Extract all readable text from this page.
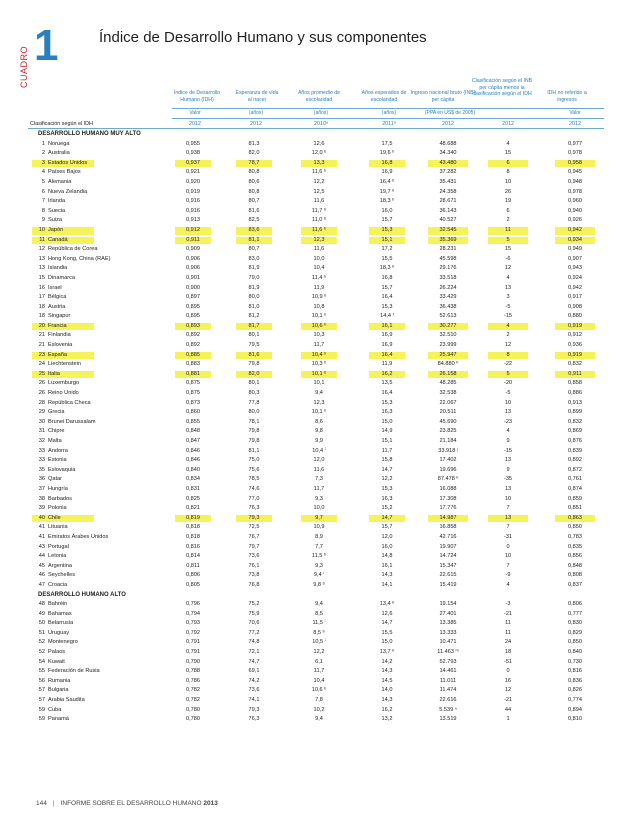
CUADRO 1	Índice de Desarrollo Humano y sus componentes
Índice de Desarrollo Humano (IDH)
Esperanza de vida al nacer
Años promedio de escolaridad
Años esperados de escolaridad
Ingreso nacional bruto (INB) per cápita
Clasificación según el INB per cápita menos la clasificación según el IDH	IDH no referido a ingresos
Valor	(años)	(años)	(años)	(PPA en US$ de 2005)	Valor
Clasificación según el IDH	2012	2012	2010ᵃ	2011ᵃ	2012	2012	2012
DESARROLLO HUMANO MUY ALTO
1 Noruega	0,955	81,3	12,6	17,5	48.688	4	0,977
2 Australia	0,938	82,0	12,0 ᵇ	19,6 ᵇ	34.340	15	0,978
3 Estados Unidos	0,937	78,7	13,3	16,8	43.480	6	0,958
4 Países Bajos	0,921	80,8	11,6 ᵇ	16,9	37.282	8	0,945
5 Alemania	0,920	80,6	12,2	16,4 ᵇ	35.431	10	0,948
6 Nueva Zelandia	0,919	80,8	12,5	19,7 ᵇ	24.358	26	0,978
7 Irlanda	0,916	80,7	11,6	18,3 ᵇ	28.671	19	0,960
8 Suecia	0,916	81,6	11,7 ᵇ	16,0	36.143	6	0,940
9 Suiza	0,913	82,5	11,0 ᵇ	15,7	40.527	2	0,926
10 Japón	0,912	83,6	11,6 ᵇ	15,3	32.545	11	0,942
11 Canadá	0,911	81,1	12,3	15,1	35.369	5	0,934
12 República de Corea	0,909	80,7	11,6	17,2	28.231	15	0,949
13 Hong Kong, China (RAE)	0,906	83,0	10,0	15,5	45.598	-6	0,907
13 Islandia	0,906	81,9	10,4	18,3 ᵇ	29.176	12	0,943
15 Dinamarca	0,901	79,0	11,4 ᵇ	16,8	33.518	4	0,924
16 Israel	0,900	81,9	11,9	15,7	26.224	13	0,942
17 Bélgica	0,897	80,0	10,9 ᵇ	16,4	33.429	3	0,917
18 Austria	0,895	81,0	10,8	15,3	36.438	-5	0,908
18 Singapur	0,895	81,2	10,1 ᵇ	14,4 ᶠ	52.613	-15	0,880
20 Francia	0,893	81,7	10,6 ᵇ	16,1	30.277	4	0,919
21 Finlandia	0,892	80,1	10,3	16,9	32.510	2	0,912
21 Eslovenia	0,892	79,5	11,7	16,9	23.999	12	0,936
23 España	0,885	81,6	10,4 ᵇ	16,4	25.947	8	0,919
24 Liechtenstein	0,883	79,8	10,3 ᵇ	11,9	84.880 ʰ	-22	0,832
25 Italia	0,881	82,0	10,1 ᵇ	16,2	26.158	5	0,911
26 Luxemburgo	0,875	80,1	10,1	13,5	48.285	-20	0,858
26 Reino Unido	0,875	80,3	9,4	16,4	32.538	-5	0,886
28 República Checa	0,873	77,8	12,3	15,3	22.067	10	0,913
29 Grecia	0,860	80,0	10,1 ᵇ	16,3	20.511	13	0,899
30 Brunei Darussalam	0,855	78,1	8,6	15,0	45.690	-23	0,832
31 Chipre	0,848	79,8	9,8	14,9	23.825	4	0,869
32 Malta	0,847	79,8	9,9	15,1	21.184	9	0,876
33 Andorra	0,846	81,1	10,4 ⁱ	11,7	33.918 ʲ	-15	0,839
33 Estonia	0,846	75,0	12,0	15,8	17.402	13	0,892
35 Eslovaquia	0,840	75,6	11,6	14,7	19.696	9	0,872
36 Qatar	0,834	78,5	7,3	12,2	87.478 ᵏ	-35	0,761
37 Hungría	0,831	74,6	11,7	15,3	16.088	13	0,874
38 Barbados	0,825	77,0	9,3	16,3	17.308	10	0,859
39 Polonia	0,821	76,3	10,0	15,2	17.776	7	0,851
40 Chile	0,819	79,3	9,7	14,7	14.987	13	0,863
41 Lituania	0,818	72,5	10,9	15,7	16.858	7	0,850
41 Emiratos Árabes Unidos	0,818	76,7	8,9	12,0	42.716	-31	0,783
43 Portugal	0,816	79,7	7,7	16,0	19.907	0	0,835
44 Letonia	0,814	73,6	11,5 ᵇ	14,8	14.724	10	0,856
45 Argentina	0,811	76,1	9,3	16,1	15.347	7	0,848
46 Seychelles	0,806	73,8	9,4 ⁱ	14,3	22.615	-9	0,808
47 Croacia	0,805	76,8	9,8 ᵇ	14,1	15.419	4	0,837
DESARROLLO HUMANO ALTO
48 Bahréin	0,796	75,2	9,4	13,4 ᵇ	19.154	-3	0,806
49 Bahamas	0,794	75,9	8,5	12,6	27.401	-21	0,777
50 Belarrusia	0,793	70,6	11,5 ⁱ	14,7	13.385	11	0,830
51 Uruguay	0,792	77,2	8,5 ᵇ	15,5	13.333	11	0,829
52 Montenegro	0,791	74,8	10,5 ⁱ	15,0	10.471	24	0,850
52 Palaos	0,791	72,1	12,2	13,7 ᵇ	11.463 ᵐ	18	0,840
54 Kuwait	0,790	74,7	6,1	14,2	52.793	-51	0,730
55 Federación de Rusia	0,788	69,1	11,7	14,3	14.461	0	0,816
56 Rumania	0,786	74,2	10,4	14,5	11.011	16	0,836
57 Bulgaria	0,782	73,6	10,6 ᵇ	14,0	11.474	12	0,826
57 Arabia Saudita	0,782	74,1	7,8	14,3	22.616	-21	0,774
59 Cuba	0,780	79,3	10,2	16,2	5.539 ⁿ	44	0,894
59 Panamá	0,780	76,3	9,4	13,2	13.519	1	0,810
144 | INFORME SOBRE EL DESARROLLO HUMANO 2013
